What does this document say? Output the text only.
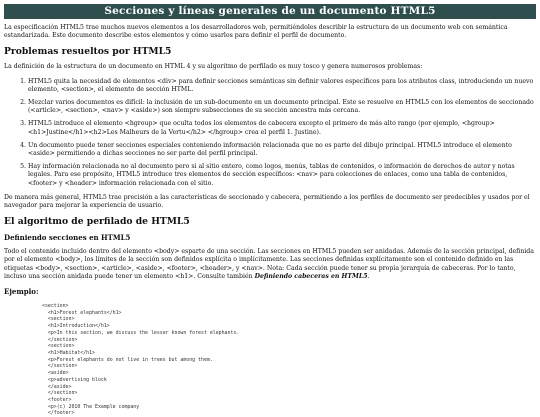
Secciones y líneas generales de un documento HTML5

La especificación HTML5 trae muchos nuevos elementos a los desarrolladores web, permitiéndoles describir la estructura de un documento web con semántica estandarizada. Este documento describe estos elementos y cómo usarlos para definir el perfil de documento.

Problemas resueltos por HTML5

La definición de la estructura de un documento en HTML 4 y su algoritmo de perfilado es muy tosco y genera numerosos problemas:

1. HTML5 quita la necesidad de elementos <div> para definir secciones semánticas sin definir valores específicos para los atributos class, introduciendo un nuevo elemento, <section>, el elemento de sección HTML.
2. Mezclar varios documentos es difícil: la inclusión de un sub-documento en un documento principal. Este se resuelve en HTML5 con los elementos de seccionado (<article>, <section>, <nav> y <aside>) son siempre subsecciones de su sección ancestra más cercana.
3. HTML5 introduce el elemento <hgroup> que oculta todos los elementos de cabecera excepto el primero de más alto rango (por ejemplo, <hgroup><h1>Justine</h1><h2>Les Malheurs de la Vertu</h2> </hgroup> crea el perfil 1. Justine).
4. Un documento puede tener secciones especiales conteniendo información relacionada que no es parte del dibujo principal. HTML5 introduce el elemento <aside> permitiendo a dichas secciones no ser parte del perfil principal.
5. Hay información relacionada no al documento pero si al sitio entero, como logos, menús, tablas de contenidos, o información de derechos de autor y notas legales. Para ese propósito, HTML5 introduce tres elementos de sección específicos: <nav> para colecciones de enlaces, como una tabla de contenidos, <footer> y <header> información relacionada con el sitio.

De manera más general, HTML5 trae precisión a las características de seccionado y cabecera, permitiendo a los perfiles de documento ser predecibles y usados por el navegador para mejorar la experiencia de usuario.

El algoritmo de perfilado de HTML5
Definiendo secciones en HTML5

Todo el contenido incluido dentro del elemento <body> esparte de una sección. Las secciones en HTML5 pueden ser anidadas. Además de la sección principal, definida por el elemento <body>, los límites de la sección son definidos explícita o implícitamente. Las secciones definidas explícitamente son el contenido definido en las etiquetas <body>, <section>, <article>, <aside>, <footer>, <header>, y <nav>. Nota: Cada sección puede tener su propia jerarquía de cabeceras. Por lo tanto, incluso una sección anidada puede tener un elemento <h1>. Consulte también Definiendo cabeceras en HTML5.

Ejemplo:
<section>
<h1>Forest elephants</h1>
<section>
<h1>Introduction</h1>
<p>In this section, we discuss the lesser known forest elephants.
</section>
<section>
<h1>Habitat</h1>
<p>Forest elephants do not live in trees but among them.
</section>
<aside>
<p>advertising block
</aside>
</section>
<footer>
<p>(c) 2010 The Example company
</footer>
